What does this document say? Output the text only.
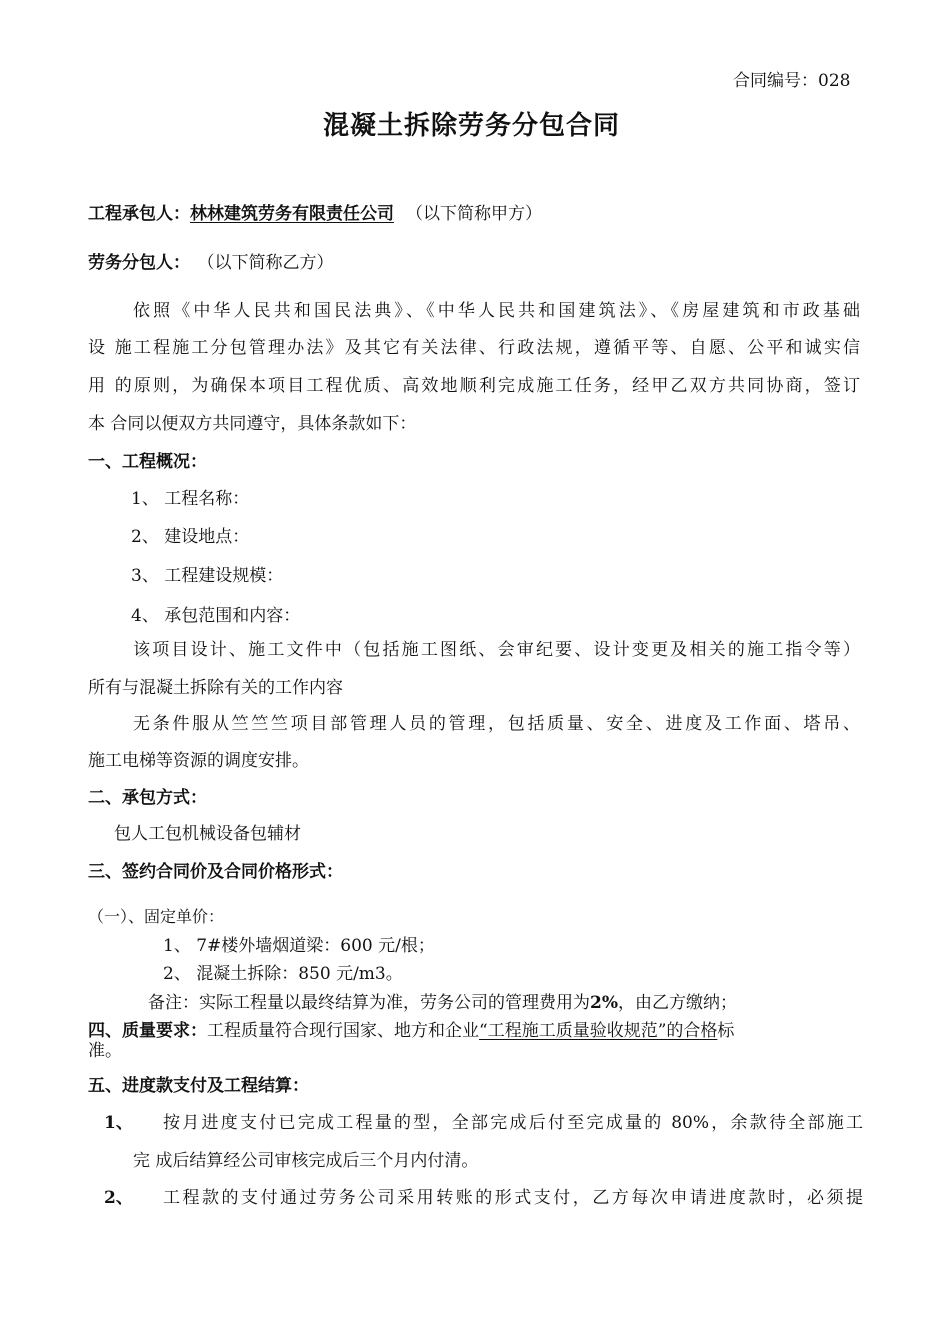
合同编号：028
混凝土拆除劳务分包合同
工程承包人：林林建筑劳务有限责任公司 （以下简称甲方）
劳务分包人： （以下简称乙方）
依照《中华人民共和国民法典》、《中华人民共和国建筑法》、《房屋建筑和市政基础
设 施工程施工分包管理办法》及其它有关法律、行政法规，遵循平等、自愿、公平和诚实信
用 的原则，为确保本项目工程优质、高效地顺利完成施工任务，经甲乙双方共同协商，签订
本 合同以便双方共同遵守，具体条款如下：
一、工程概况：
1、 工程名称：
2、 建设地点：
3、 工程建设规模：
4、 承包范围和内容：
该项目设计、施工文件中（包括施工图纸、会审纪要、设计变更及相关的施工指令等）
所有与混凝土拆除有关的工作内容
无条件服从竺竺竺项目部管理人员的管理，包括质量、安全、进度及工作面、塔吊、
施工电梯等资源的调度安排。
二、承包方式：
包人工包机械设备包辅材
三、签约合同价及合同价格形式：
（一）、固定单价：
1、 7#楼外墙烟道梁：600 元/根；
2、 混凝土拆除：850 元/m3。
备注：实际工程量以最终结算为准，劳务公司的管理费用为2%，由乙方缴纳；
四、质量要求：工程质量符合现行国家、地方和企业“工程施工质量验收规范”的合格标
准。
五、进度款支付及工程结算：
1、 按月进度支付已完成工程量的型，全部完成后付至完成量的 80%，余款待全部施工
完 成后结算经公司审核完成后三个月内付清。
2、 工程款的支付通过劳务公司采用转账的形式支付，乙方每次申请进度款时，必须提
